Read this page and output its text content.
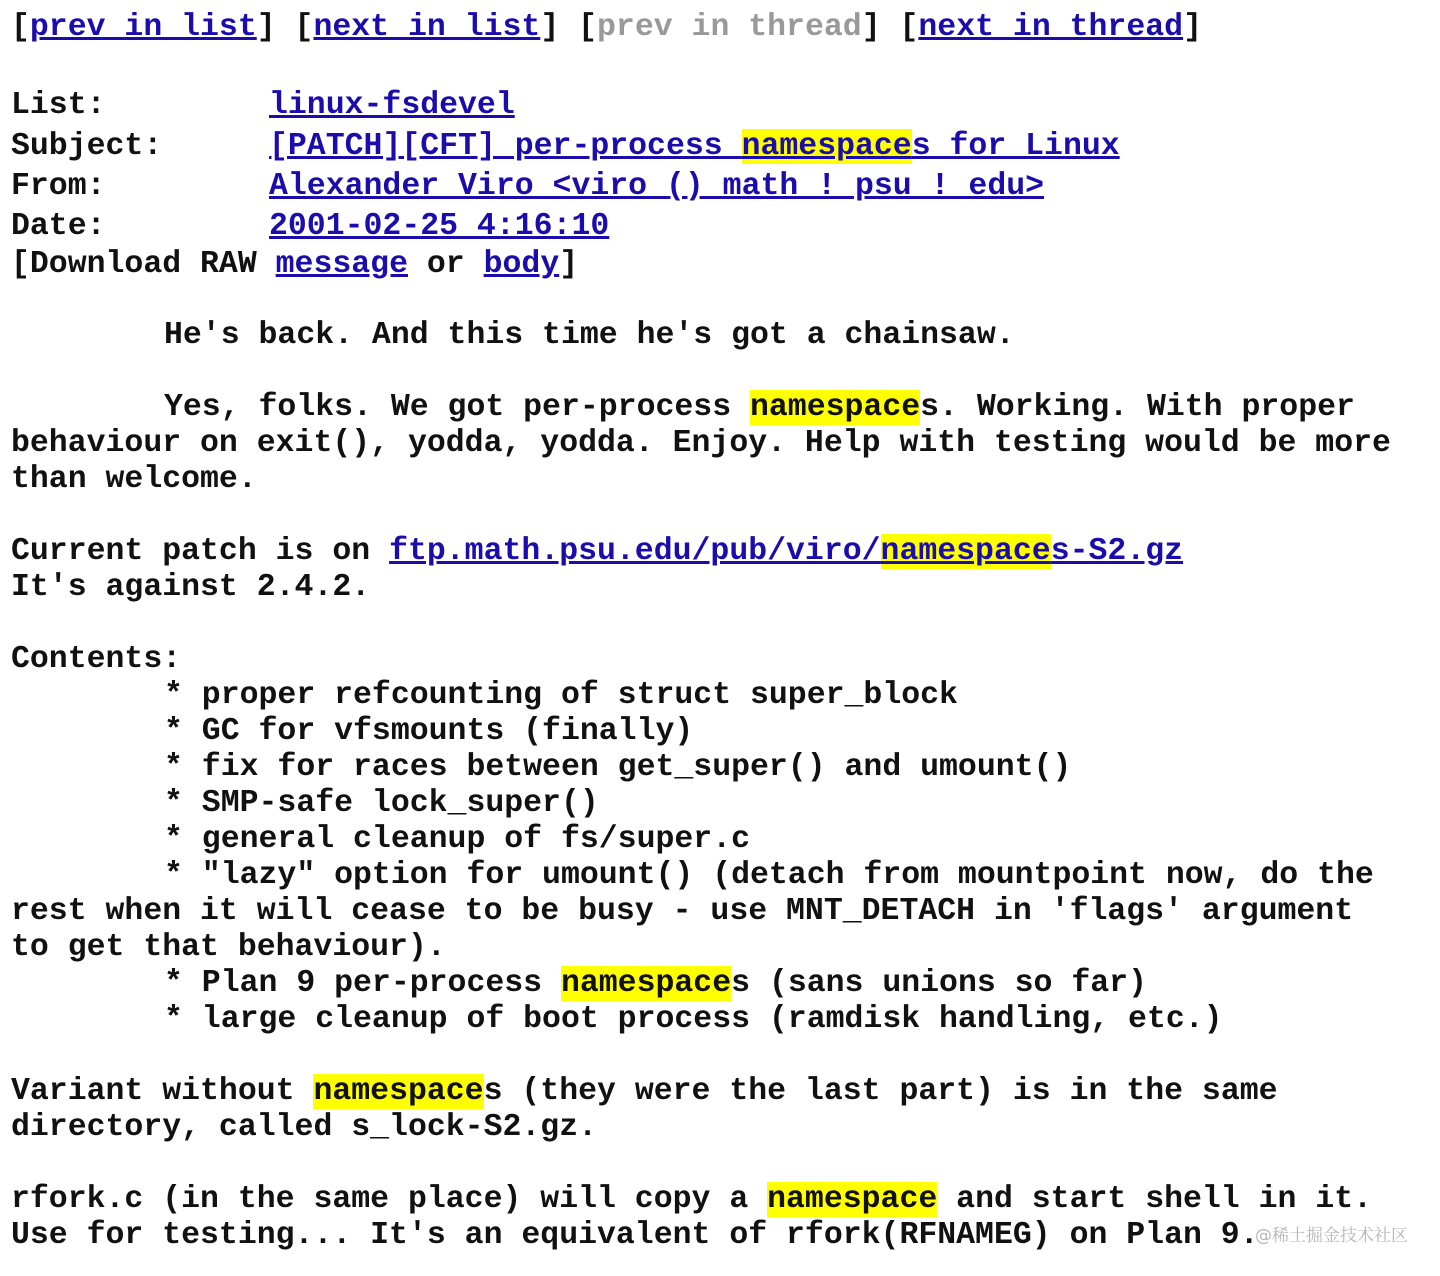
[prev in list] [next in list] [prev in thread] [next in thread]
List:	linux-fsdevel
Subject:	[PATCH][CFT] per-process namespaces for Linux
From:	Alexander Viro <viro () math ! psu ! edu>
Date:	2001-02-25 4:16:10
[Download RAW message or body]
He's back. And this time he's got a chainsaw.
Yes, folks. We got per-process namespaces. Working. With proper
behaviour on exit(), yodda, yodda. Enjoy. Help with testing would be more
than welcome.
Current patch is on ftp.math.psu.edu/pub/viro/namespaces-S2.gz
It's against 2.4.2.
Contents:
* proper refcounting of struct super_block
* GC for vfsmounts (finally)
* fix for races between get_super() and umount()
* SMP-safe lock_super()
* general cleanup of fs/super.c
* "lazy" option for umount() (detach from mountpoint now, do the
rest when it will cease to be busy - use MNT_DETACH in 'flags' argument
to get that behaviour).
* Plan 9 per-process namespaces (sans unions so far)
* large cleanup of boot process (ramdisk handling, etc.)
Variant without namespaces (they were the last part) is in the same
directory, called s_lock-S2.gz.
rfork.c (in the same place) will copy a namespace and start shell in it.
Use for testing... It's an equivalent of rfork(RFNAMEG) on Plan 9.
@稀土掘金技术社区
